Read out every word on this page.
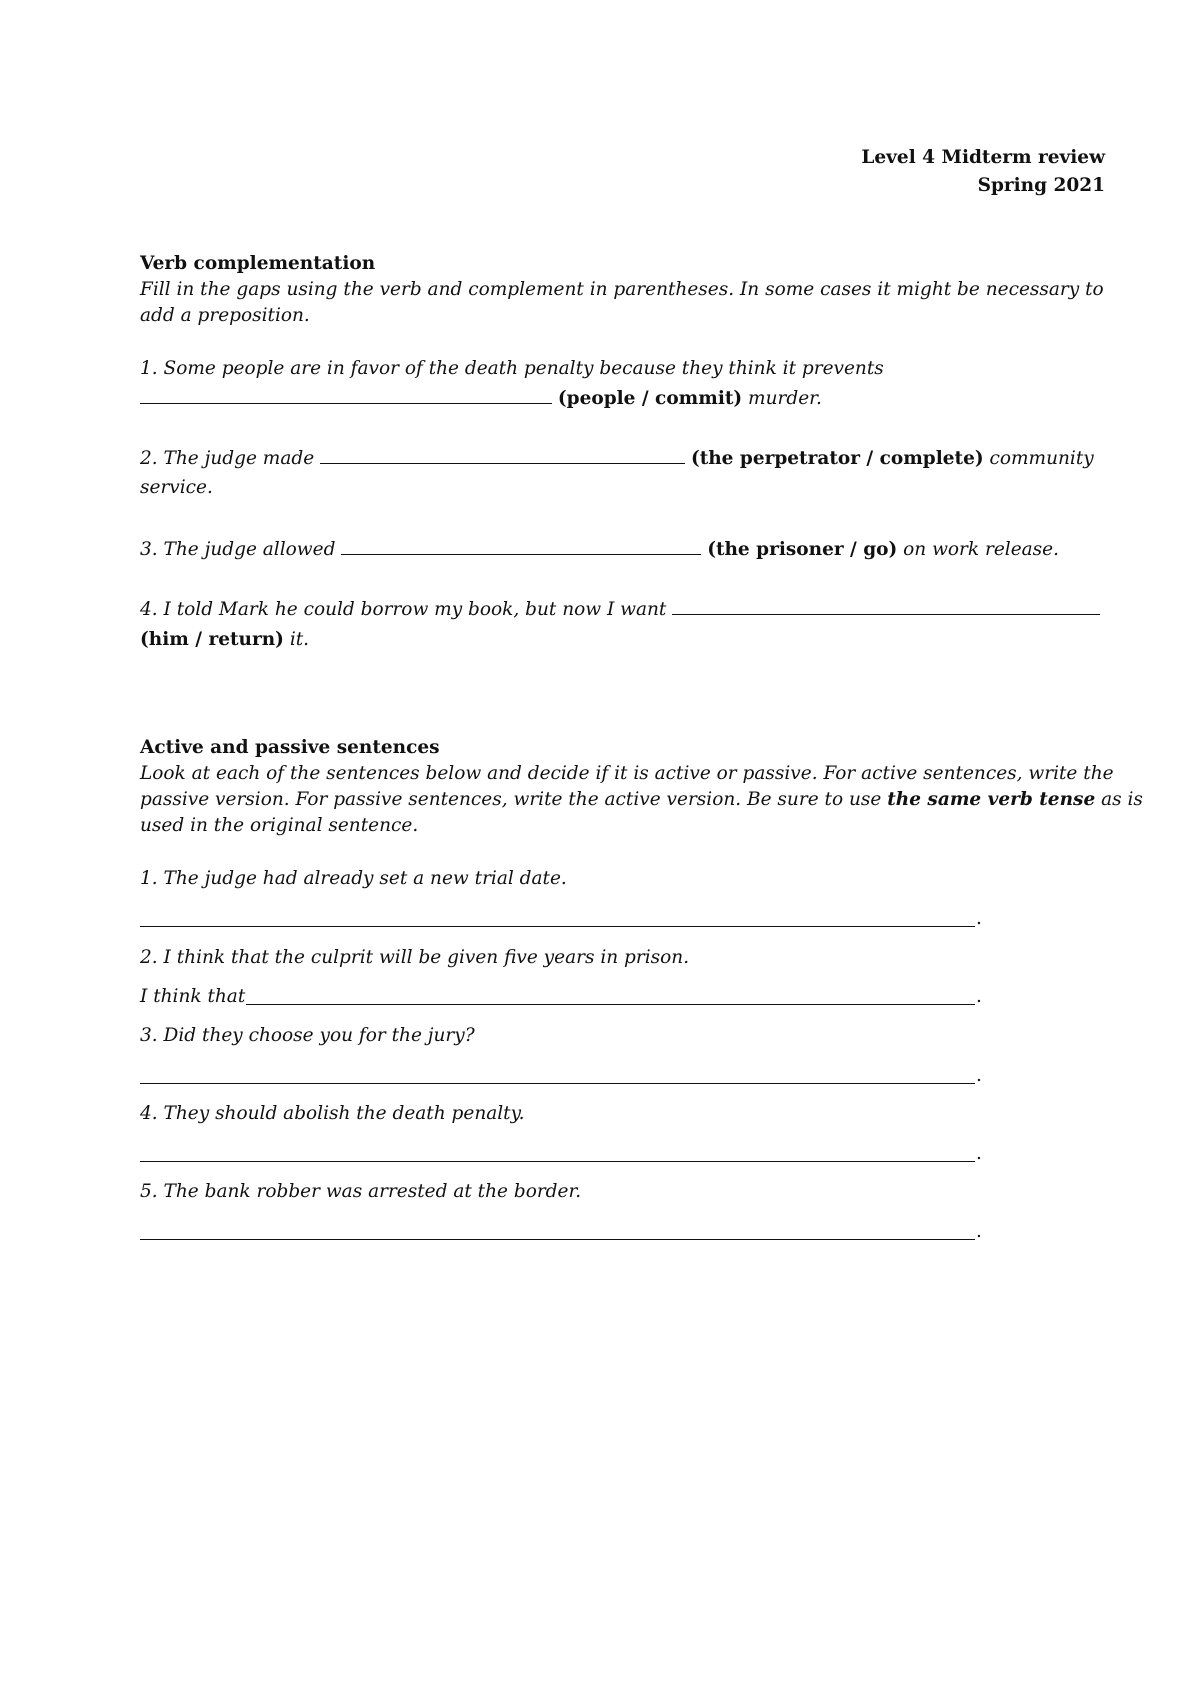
Level 4 Midterm review
Spring 2021
Verb complementation
Fill in the gaps using the verb and complement in parentheses. In some cases it might be necessary to
add a preposition.
1. Some people are in favor of the death penalty because they think it prevents
(people / commit) murder.
2. The judge made	(the perpetrator / complete) community
service.
3. The judge allowed	(the prisoner / go) on work release.
4. I told Mark he could borrow my book, but now I want
(him / return) it.
Active and passive sentences
Look at each of the sentences below and decide if it is active or passive. For active sentences, write the
passive version. For passive sentences, write the active version. Be sure to use the same verb tense as is
used in the original sentence.
1. The judge had already set a new trial date.
.
2. I think that the culprit will be given five years in prison.
I think that	.
3. Did they choose you for the jury?
.
4. They should abolish the death penalty.
.
5. The bank robber was arrested at the border.
.
